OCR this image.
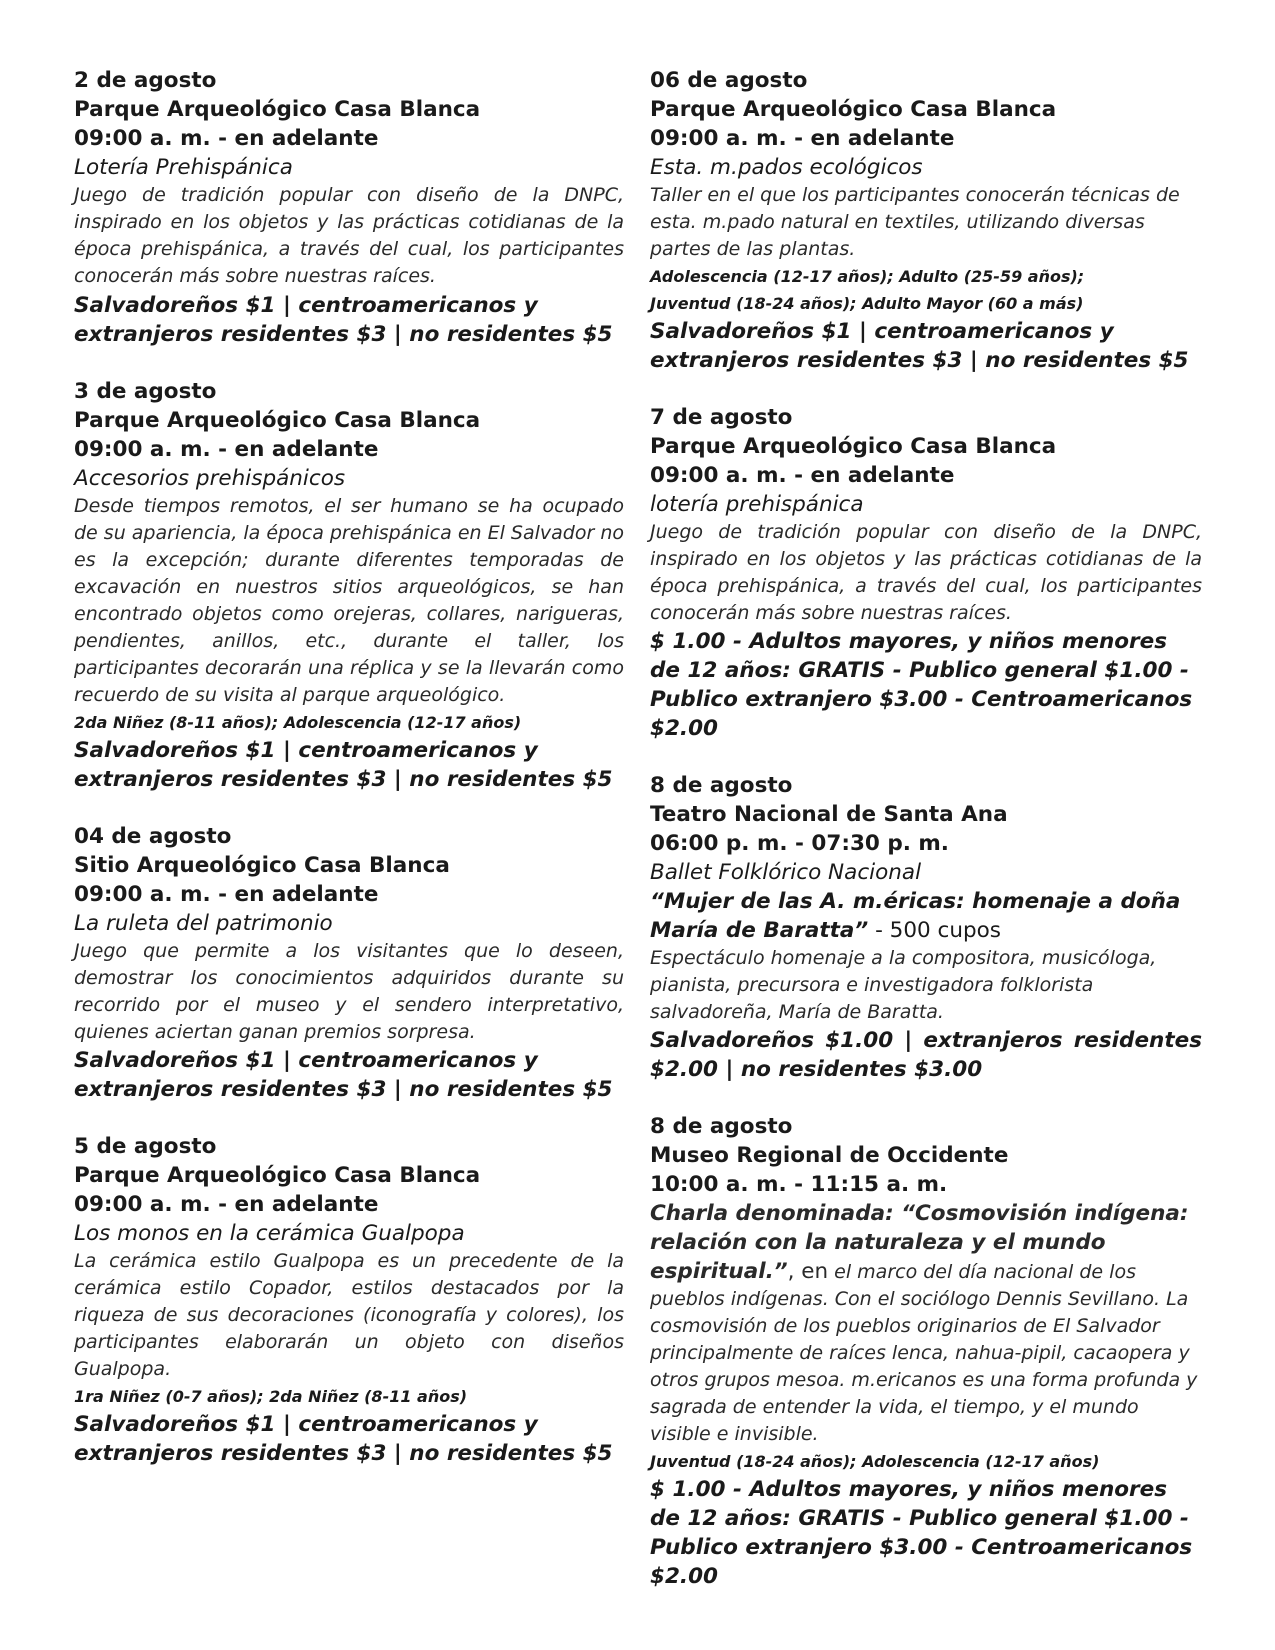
2 de agosto
Parque Arqueológico Casa Blanca
09:00 a. m. - en adelante
Lotería Prehispánica
Juego de tradición popular con diseño de la DNPC, inspirado en los objetos y las prácticas cotidianas de la época prehispánica, a través del cual, los participantes conocerán más sobre nuestras raíces.
Salvadoreños $1 | centroamericanos y extranjeros residentes $3 | no residentes $5
3 de agosto
Parque Arqueológico Casa Blanca
09:00 a. m. - en adelante
Accesorios prehispánicos
Desde tiempos remotos, el ser humano se ha ocupado de su apariencia, la época prehispánica en El Salvador no es la excepción; durante diferentes temporadas de excavación en nuestros sitios arqueológicos, se han encontrado objetos como orejeras, collares, narigueras, pendientes, anillos, etc., durante el taller, los participantes decorarán una réplica y se la llevarán como recuerdo de su visita al parque arqueológico.
2da Niñez (8-11 años); Adolescencia (12-17 años)
Salvadoreños $1 | centroamericanos y extranjeros residentes $3 | no residentes $5
04 de agosto
Sitio Arqueológico Casa Blanca
09:00 a. m. - en adelante
La ruleta del patrimonio
Juego que permite a los visitantes que lo deseen, demostrar los conocimientos adquiridos durante su recorrido por el museo y el sendero interpretativo, quienes aciertan ganan premios sorpresa.
Salvadoreños $1 | centroamericanos y extranjeros residentes $3 | no residentes $5
5 de agosto
Parque Arqueológico Casa Blanca
09:00 a. m. - en adelante
Los monos en la cerámica Gualpopa
La cerámica estilo Gualpopa es un precedente de la cerámica estilo Copador, estilos destacados por la riqueza de sus decoraciones (iconografía y colores), los participantes elaborarán un objeto con diseños Gualpopa.
1ra Niñez (0-7 años); 2da Niñez (8-11 años)
Salvadoreños $1 | centroamericanos y extranjeros residentes $3 | no residentes $5
06 de agosto
Parque Arqueológico Casa Blanca
09:00 a. m. - en adelante
Esta. m.pados ecológicos
Taller en el que los participantes conocerán técnicas de esta. m.pado natural en textiles, utilizando diversas partes de las plantas.
Adolescencia (12-17 años); Adulto (25-59 años);
Juventud (18-24 años); Adulto Mayor (60 a más)
Salvadoreños $1 | centroamericanos y extranjeros residentes $3 | no residentes $5
7 de agosto
Parque Arqueológico Casa Blanca
09:00 a. m. - en adelante
lotería prehispánica
Juego de tradición popular con diseño de la DNPC, inspirado en los objetos y las prácticas cotidianas de la época prehispánica, a través del cual, los participantes conocerán más sobre nuestras raíces.
$ 1.00 - Adultos mayores, y niños menores de 12 años: GRATIS - Publico general $1.00 - Publico extranjero $3.00 - Centroamericanos $2.00
8 de agosto
Teatro Nacional de Santa Ana
06:00 p. m. - 07:30 p. m.
Ballet Folklórico Nacional
“Mujer de las A. m.éricas: homenaje a doña María de Baratta” - 500 cupos
Espectáculo homenaje a la compositora, musicóloga, pianista, precursora e investigadora folklorista salvadoreña, María de Baratta.
Salvadoreños $1.00 | extranjeros residentes $2.00 | no residentes $3.00
8 de agosto
Museo Regional de Occidente
10:00 a. m. - 11:15 a. m.
Charla denominada: “Cosmovisión indígena: relación con la naturaleza y el mundo espiritual.”, en el marco del día nacional de los pueblos indígenas. Con el sociólogo Dennis Sevillano. La cosmovisión de los pueblos originarios de El Salvador principalmente de raíces lenca, nahua-pipil, cacaopera y otros grupos mesoa. m.ericanos es una forma profunda y sagrada de entender la vida, el tiempo, y el mundo visible e invisible.
Juventud (18-24 años); Adolescencia (12-17 años)
$ 1.00 - Adultos mayores, y niños menores de 12 años: GRATIS - Publico general $1.00 - Publico extranjero $3.00 - Centroamericanos $2.00
